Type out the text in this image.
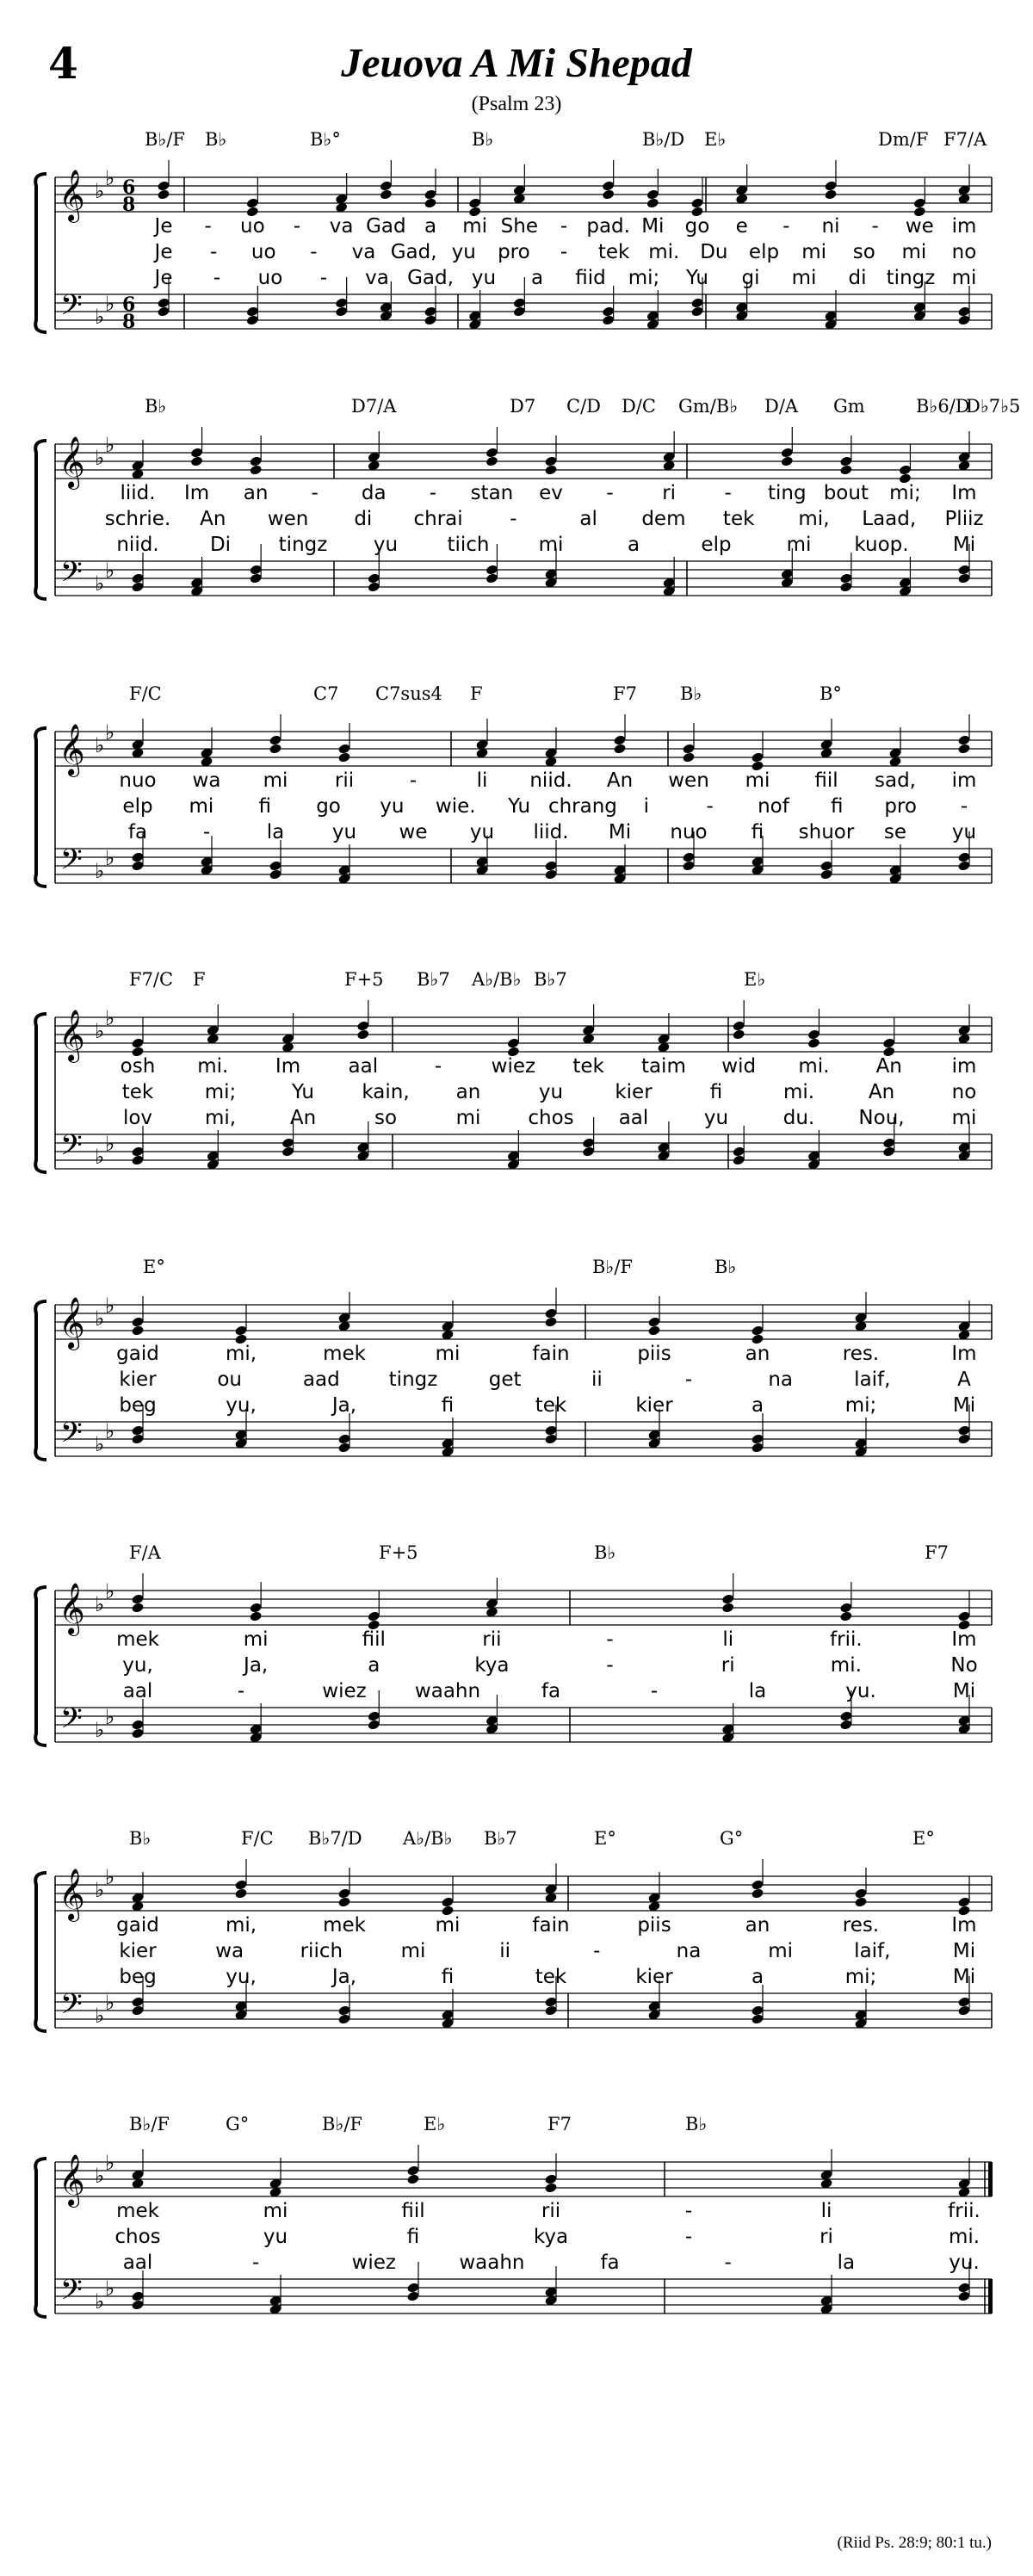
4	Jeuova A Mi Shepad
(Psalm 23)
𝄞
𝄢
♭
♭
♭
♭
6
8
6
8
B♭/F B♭	B♭°	B♭	B♭/D E♭	Dm/F F7/A
Je - uo - va Gad a mi She - pad. Mi go e - ni - we im
Je - uo - va Gad, yu pro - tek mi. Du elp mi so mi no
Je - uo - va Gad, yu a fiid mi; Yu gi mi di tingz mi
𝄞
𝄢
♭
♭
♭
♭
B♭	D7/A	D7 C/D D/C Gm/B♭ D/A Gm	B♭6/D
D♭7♭5
liid. Im an - da - stan ev - ri - ting bout mi; Im
schrie. An wen di chrai -	al dem tek mi, Laad, Pliiz
niid.	Di tingz yu tiich mi	a	elp	mi kuop. Mi
𝄞
𝄢
♭
♭
♭
♭
F/C	C7 C7sus4 F	F7 B♭	B°
nuo wa mi rii	-	li niid. An wen mi fiil sad, im
elp mi fi go yu wie. Yu chrang i	- nof fi pro -
fa	-	la yu we yu liid. Mi nuo fi shuor se yu
𝄞
𝄢
♭
♭
♭
♭
F7/C F	F+5 B♭7 A♭/B♭ B♭7	E♭
osh mi. Im aal	- wiez tek taim wid mi. An	im
tek	mi;	Yu kain, an	yu	kier	fi	mi.	An	no
lov	mi,	An	so	mi chos aal	yu	du. Nou, mi
𝄞
𝄢
♭
♭
♭
♭
E°	B♭/F	B♭
gaid	mi,	mek	mi	fain	piis	an	res.	Im
kier	ou	aad tingz	get	ii	-	na	laif,	A
beg	yu,	Ja,	fi	tek	kier	a	mi;	Mi
𝄞
𝄢
♭
♭
♭
♭
F/A	F+5	B♭	F7
mek	mi	fiil	rii	-	li	frii.	Im
yu,	Ja,	a	kya	-	ri	mi.	No
aal	-	wiez waahn	fa	-	la	yu.	Mi
𝄞
𝄢
♭
♭
♭
♭
B♭	F/C B♭7/D A♭/B♭ B♭7	E°	G°	E°
gaid	mi,	mek	mi	fain	piis	an	res.	Im
kier	wa	riich	mi	ii	-	na	mi	laif,	Mi
beg	yu,	Ja,	fi	tek	kier	a	mi;	Mi
𝄞
𝄢
♭
♭
♭
♭
B♭/F	G°	B♭/F	E♭	F7	B♭
mek	mi	fiil	rii	-	li	frii.
chos	yu	fi	kya	-	ri	mi.
aal	-	wiez	waahn	fa	-	la	yu.
(Riid Ps. 28:9; 80:1 tu.)
